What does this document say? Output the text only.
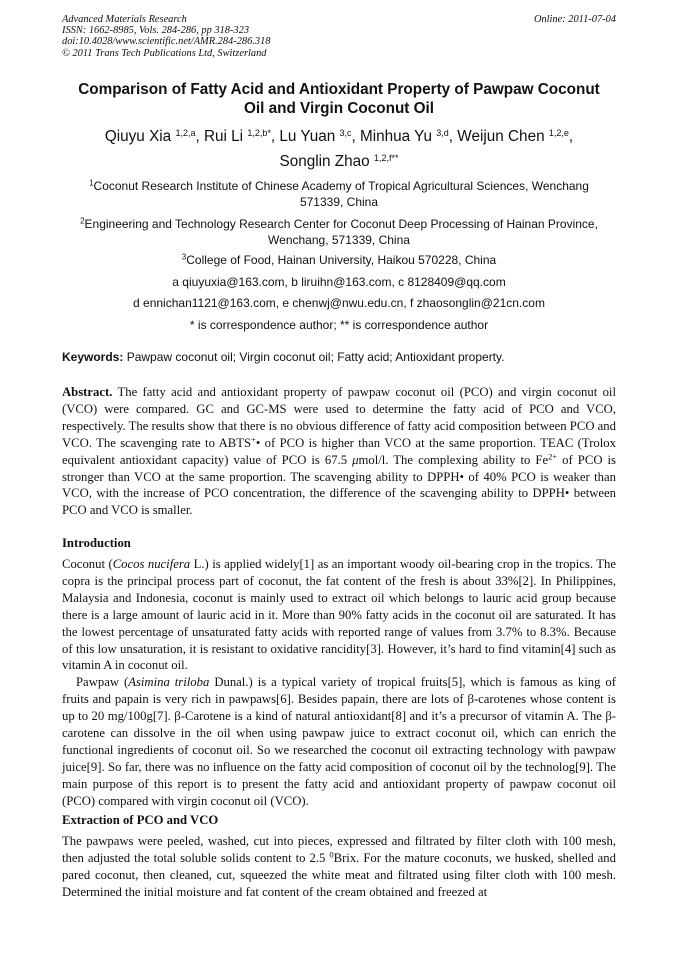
Advanced Materials Research
ISSN: 1662-8985, Vols. 284-286, pp 318-323
doi:10.4028/www.scientific.net/AMR.284-286.318
© 2011 Trans Tech Publications Ltd, Switzerland
Online: 2011-07-04
Comparison of Fatty Acid and Antioxidant Property of Pawpaw Coconut
Oil and Virgin Coconut Oil
Qiuyu Xia $^{1,2,a}$, Rui Li $^{1,2,b*}$, Lu Yuan $^{3,c}$, Minhua Yu $^{3,d}$, Weijun Chen $^{1,2,e}$,
Songlin Zhao $^{1,2,f**}$
$^1$Coconut Research Institute of Chinese Academy of Tropical Agricultural Sciences, Wenchang
571339, China
$^2$Engineering and Technology Research Center for Coconut Deep Processing of Hainan Province,
Wenchang, 571339, China
$^3$College of Food, Hainan University, Haikou 570228, China
a qiuyuxia@163.com, b liruihn@163.com, c 8128409@qq.com
d ennichan1121@163.com, e chenwj@nwu.edu.cn, f zhaosonglin@21cn.com
* is correspondence author; ** is correspondence author
Keywords: Pawpaw coconut oil; Virgin coconut oil; Fatty acid; Antioxidant property.

Abstract. The fatty acid and antioxidant property of pawpaw coconut oil (PCO) and virgin coconut oil (VCO) were compared. GC and GC-MS were used to determine the fatty acid of PCO and VCO, respectively. The results show that there is no obvious difference of fatty acid composition between PCO and VCO. The scavenging rate to ABTS+• of PCO is higher than VCO at the same proportion. TEAC (Trolox equivalent antioxidant capacity) value of PCO is 67.5 μmol/l. The complexing ability to $Fe^{2+}$ of PCO is stronger than VCO at the same proportion. The scavenging ability to DPPH• of 40% PCO is weaker than VCO, with the increase of PCO concentration, the difference of the scavenging ability to DPPH• between PCO and VCO is smaller.

Introduction

Coconut (Cocos nucifera L.) is applied widely[1] as an important woody oil-bearing crop in the tropics. The copra is the principal process part of coconut, the fat content of the fresh is about 33%[2]. In Philippines, Malaysia and Indonesia, coconut is mainly used to extract oil which belongs to lauric acid group because there is a large amount of lauric acid in it. More than 90% fatty acids in the coconut oil are saturated. It has the lowest percentage of unsaturated fatty acids with reported range of values from 3.7% to 8.3%. Because of this low unsaturation, it is resistant to oxidative rancidity[3]. However, it’s hard to find vitamin[4] such as vitamin A in coconut oil.

Pawpaw (Asimina triloba Dunal.) is a typical variety of tropical fruits[5], which is famous as king of fruits and papain is very rich in pawpaws[6]. Besides papain, there are lots of β-carotenes whose content is up to 20 mg/100g[7]. β-Carotene is a kind of natural antioxidant[8] and it’s a precursor of vitamin A. The β-carotene can dissolve in the oil when using pawpaw juice to extract coconut oil, which can enrich the functional ingredients of coconut oil. So we researched the coconut oil extracting technology with pawpaw juice[9]. So far, there was no influence on the fatty acid composition of coconut oil by the technolog[9]. The main purpose of this report is to present the fatty acid and antioxidant property of pawpaw coconut oil (PCO) compared with virgin coconut oil (VCO).

Extraction of PCO and VCO

The pawpaws were peeled, washed, cut into pieces, expressed and filtrated by filter cloth with 100 mesh, then adjusted the total soluble solids content to 2.5 $^0$Brix. For the mature coconuts, we husked, shelled and pared coconut, then cleaned, cut, squeezed the white meat and filtrated using filter cloth with 100 mesh. Determined the initial moisture and fat content of the cream obtained and freezed at
